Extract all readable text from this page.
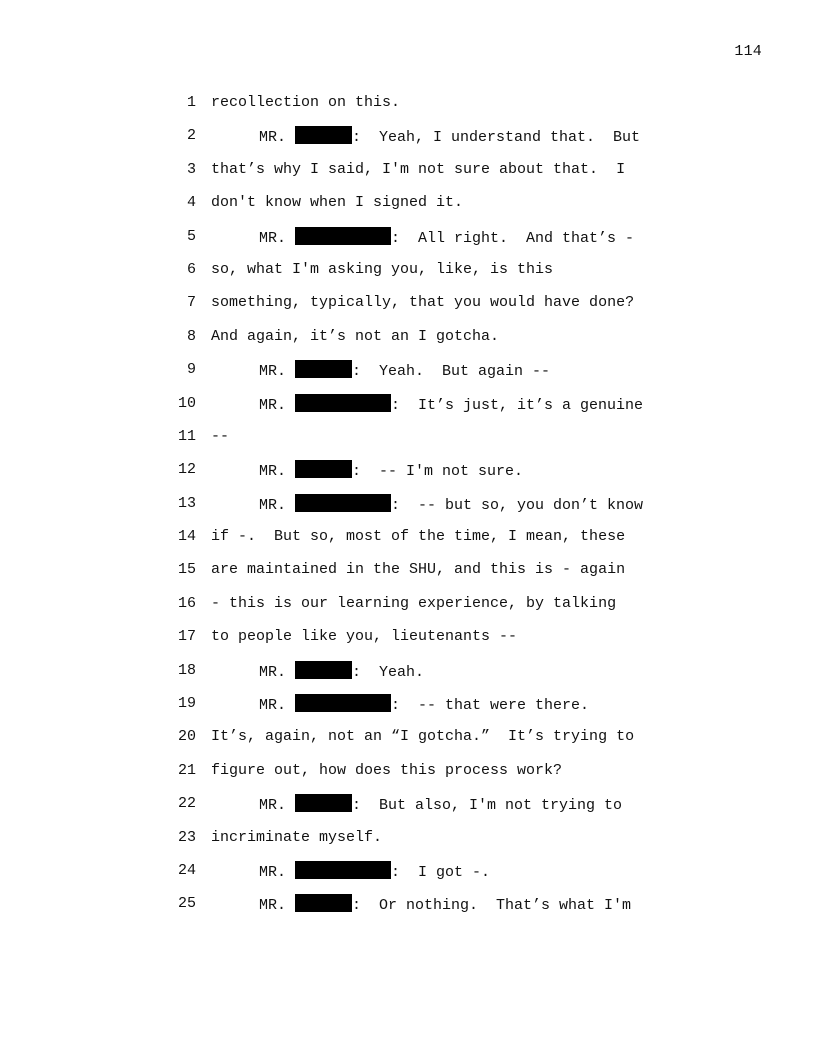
114
1 recollection on this.
2	MR.	:  Yeah, I understand that.  But
3 that’s why I said, I'm not sure about that.  I
4 don't know when I signed it.
5	MR.	:  All right.  And that’s -
6 so, what I'm asking you, like, is this
7 something, typically, that you would have done?
8 And again, it’s not an I gotcha.
9	MR.	:  Yeah.  But again --
10	MR.	:  It’s just, it’s a genuine
11 --
12	MR.	:  -- I'm not sure.
13	MR.	:  -- but so, you don’t know
14 if -.  But so, most of the time, I mean, these
15 are maintained in the SHU, and this is - again
16 - this is our learning experience, by talking
17 to people like you, lieutenants --
18	MR.	:  Yeah.
19	MR.	:  -- that were there.
20 It’s, again, not an “I gotcha.”  It’s trying to
21 figure out, how does this process work?
22	MR.	:  But also, I'm not trying to
23 incriminate myself.
24	MR.	:  I got -.
25	MR.	:  Or nothing.  That’s what I'm
